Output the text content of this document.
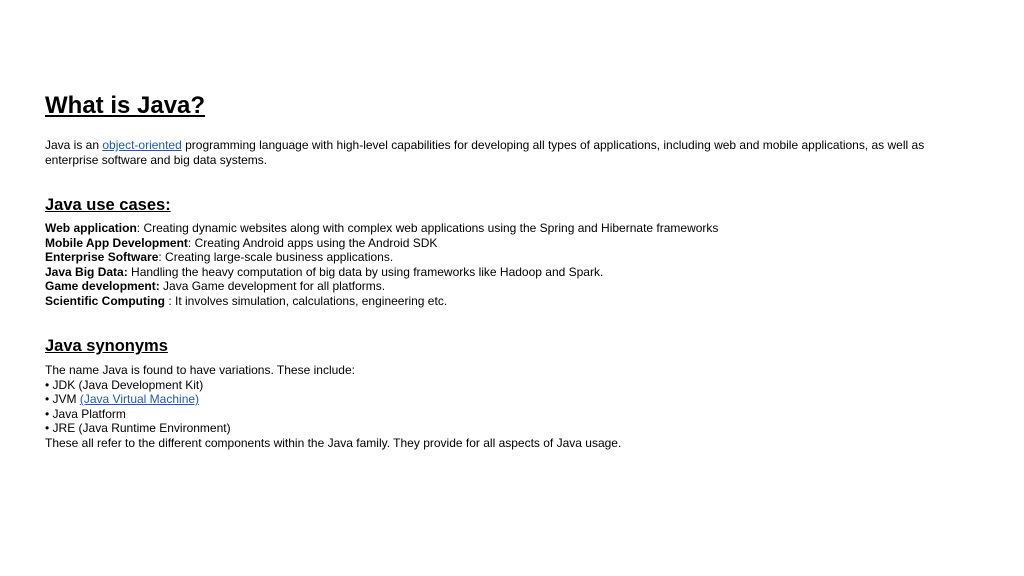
What is Java?

Java is an object-oriented programming language with high-level capabilities for developing all types of applications, including web and mobile applications, as well as enterprise software and big data systems.

Java use cases:
Web application: Creating dynamic websites along with complex web applications using the Spring and Hibernate frameworks
Mobile App Development: Creating Android apps using the Android SDK
Enterprise Software: Creating large-scale business applications.
Java Big Data: Handling the heavy computation of big data by using frameworks like Hadoop and Spark.
Game development: Java Game development for all platforms.
Scientific Computing : It involves simulation, calculations, engineering etc.
Java synonyms
The name Java is found to have variations. These include:
• JDK (Java Development Kit)
• JVM (Java Virtual Machine)
• Java Platform
• JRE (Java Runtime Environment)
These all refer to the different components within the Java family. They provide for all aspects of Java usage.
